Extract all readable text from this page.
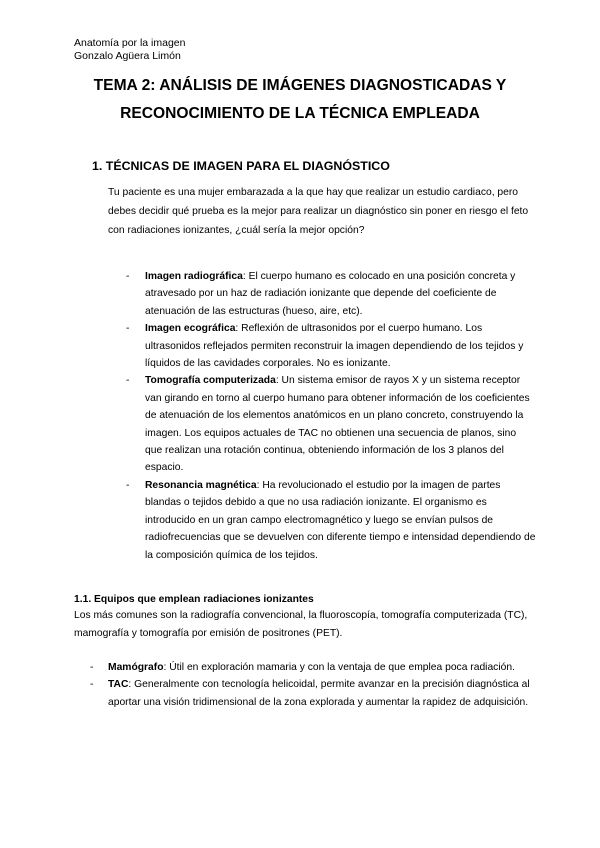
Anatomía por la imagen
Gonzalo Agüera Limón
TEMA 2: ANÁLISIS DE IMÁGENES DIAGNOSTICADAS Y
RECONOCIMIENTO DE LA TÉCNICA EMPLEADA
1. TÉCNICAS DE IMAGEN PARA EL DIAGNÓSTICO
Tu paciente es una mujer embarazada a la que hay que realizar un estudio cardiaco, pero debes decidir qué prueba es la mejor para realizar un diagnóstico sin poner en riesgo el feto con radiaciones ionizantes, ¿cuál sería la mejor opción?
- Imagen radiográfica: El cuerpo humano es colocado en una posición concreta y atravesado por un haz de radiación ionizante que depende del coeficiente de atenuación de las estructuras (hueso, aire, etc).
- Imagen ecográfica: Reflexión de ultrasonidos por el cuerpo humano. Los ultrasonidos reflejados permiten reconstruir la imagen dependiendo de los tejidos y líquidos de las cavidades corporales. No es ionizante.
- Tomografía computerizada: Un sistema emisor de rayos X y un sistema receptor van girando en torno al cuerpo humano para obtener información de los coeficientes de atenuación de los elementos anatómicos en un plano concreto, construyendo la imagen. Los equipos actuales de TAC no obtienen una secuencia de planos, sino que realizan una rotación continua, obteniendo información de los 3 planos del espacio.
- Resonancia magnética: Ha revolucionado el estudio por la imagen de partes blandas o tejidos debido a que no usa radiación ionizante. El organismo es introducido en un gran campo electromagnético y luego se envían pulsos de radiofrecuencias que se devuelven con diferente tiempo e intensidad dependiendo de la composición química de los tejidos.
1.1. Equipos que emplean radiaciones ionizantes
Los más comunes son la radiografía convencional, la fluoroscopía, tomografía computerizada (TC), mamografía y tomografía por emisión de positrones (PET).
- Mamógrafo: Útil en exploración mamaria y con la ventaja de que emplea poca radiación.
- TAC: Generalmente con tecnología helicoidal, permite avanzar en la precisión diagnóstica al aportar una visión tridimensional de la zona explorada y aumentar la rapidez de adquisición.
